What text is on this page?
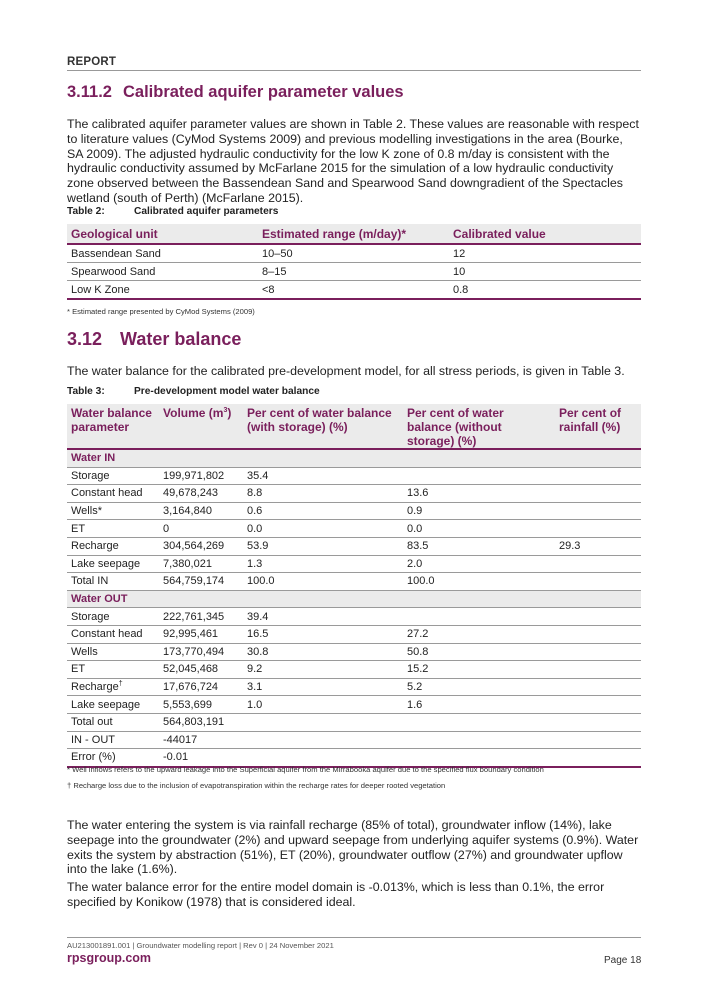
REPORT
3.11.2 Calibrated aquifer parameter values
The calibrated aquifer parameter values are shown in Table 2. These values are reasonable with respect to literature values (CyMod Systems 2009) and previous modelling investigations in the area (Bourke, SA 2009). The adjusted hydraulic conductivity for the low K zone of 0.8 m/day is consistent with the hydraulic conductivity assumed by McFarlane 2015 for the simulation of a low hydraulic conductivity zone observed between the Bassendean Sand and Spearwood Sand downgradient of the Spectacles wetland (south of Perth) (McFarlane 2015).
Table 2:	Calibrated aquifer parameters
Geological unit	Estimated range (m/day)*	Calibrated value
Bassendean Sand	10–50	12
Spearwood Sand	8–15	10
Low K Zone	<8	0.8
* Estimated range presented by CyMod Systems (2009)
3.12 Water balance
The water balance for the calibrated pre-development model, for all stress periods, is given in Table 3.
Table 3:	Pre-development model water balance
Water balance parameter	Volume $(m^3)$	Per cent of water balance (with storage) (%)	Per cent of water balance (without storage) (%)	Per cent of rainfall (%)
Water IN				
Storage	199,971,802	35.4		
Constant head	49,678,243	8.8	13.6	
Wells*	3,164,840	0.6	0.9	
ET	0	0.0	0.0	
Recharge	304,564,269	53.9	83.5	29.3
Lake seepage	7,380,021	1.3	2.0	
Total IN	564,759,174	100.0	100.0	
Water OUT				
Storage	222,761,345	39.4		
Constant head	92,995,461	16.5	27.2	
Wells	173,770,494	30.8	50.8	
ET	52,045,468	9.2	15.2	
Recharge†	17,676,724	3.1	5.2	
Lake seepage	5,553,699	1.0	1.6	
Total out	564,803,191			
IN - OUT	-44017			
Error (%)	-0.01			
* Well inflows refers to the upward leakage into the Superficial aquifer from the Mirrabooka aquifer due to the specified flux boundary condition
† Recharge loss due to the inclusion of evapotranspiration within the recharge rates for deeper rooted vegetation
The water entering the system is via rainfall recharge (85% of total), groundwater inflow (14%), lake seepage into the groundwater (2%) and upward seepage from underlying aquifer systems (0.9%). Water exits the system by abstraction (51%), ET (20%), groundwater outflow (27%) and groundwater upflow into the lake (1.6%).
The water balance error for the entire model domain is -0.013%, which is less than 0.1%, the error specified by Konikow (1978) that is considered ideal.
AU213001891.001 | Groundwater modelling report | Rev 0 | 24 November 2021
rpsgroup.com	Page 18
